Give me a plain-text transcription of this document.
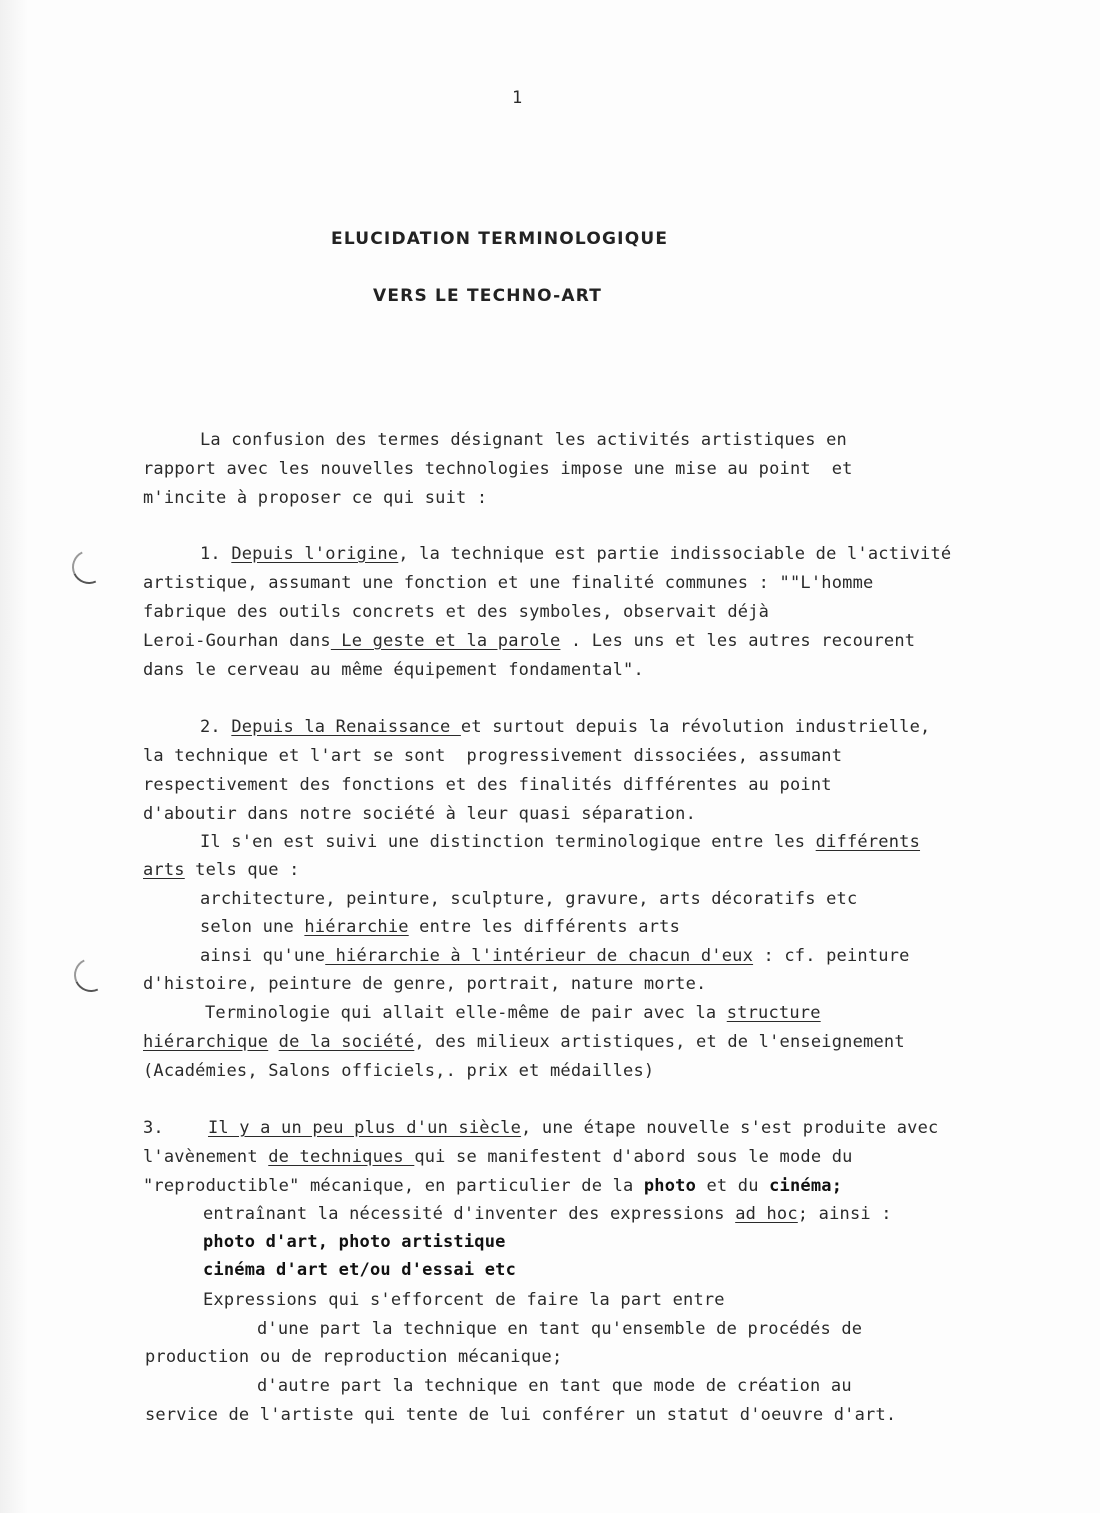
1
ELUCIDATION TERMINOLOGIQUE
VERS LE TECHNO-ART
La confusion des termes désignant les activités artistiques en
rapport avec les nouvelles technologies impose une mise au point  et
m'incite à proposer ce qui suit :
1. Depuis l'origine, la technique est partie indissociable de l'activité
artistique, assumant une fonction et une finalité communes : ""L'homme
fabrique des outils concrets et des symboles, observait déjà
Leroi-Gourhan dans Le geste et la parole . Les uns et les autres recourent
dans le cerveau au même équipement fondamental".
2. Depuis la Renaissance et surtout depuis la révolution industrielle,
la technique et l'art se sont  progressivement dissociées, assumant
respectivement des fonctions et des finalités différentes au point
d'aboutir dans notre société à leur quasi séparation.
Il s'en est suivi une distinction terminologique entre les différents
arts tels que :
architecture, peinture, sculpture, gravure, arts décoratifs etc
selon une hiérarchie entre les différents arts
ainsi qu'une hiérarchie à l'intérieur de chacun d'eux : cf. peinture
d'histoire, peinture de genre, portrait, nature morte.
Terminologie qui allait elle-même de pair avec la structure
hiérarchique de la société, des milieux artistiques, et de l'enseignement
(Académies, Salons officiels,. prix et médailles)
3.	Il y a un peu plus d'un siècle, une étape nouvelle s'est produite avec
l'avènement de techniques qui se manifestent d'abord sous le mode du
"reproductible" mécanique, en particulier de la photo et du cinéma;
entraînant la nécessité d'inventer des expressions ad hoc; ainsi :
photo d'art, photo artistique
cinéma d'art et/ou d'essai etc
Expressions qui s'efforcent de faire la part entre
d'une part la technique en tant qu'ensemble de procédés de
production ou de reproduction mécanique;
d'autre part la technique en tant que mode de création au
service de l'artiste qui tente de lui conférer un statut d'oeuvre d'art.
